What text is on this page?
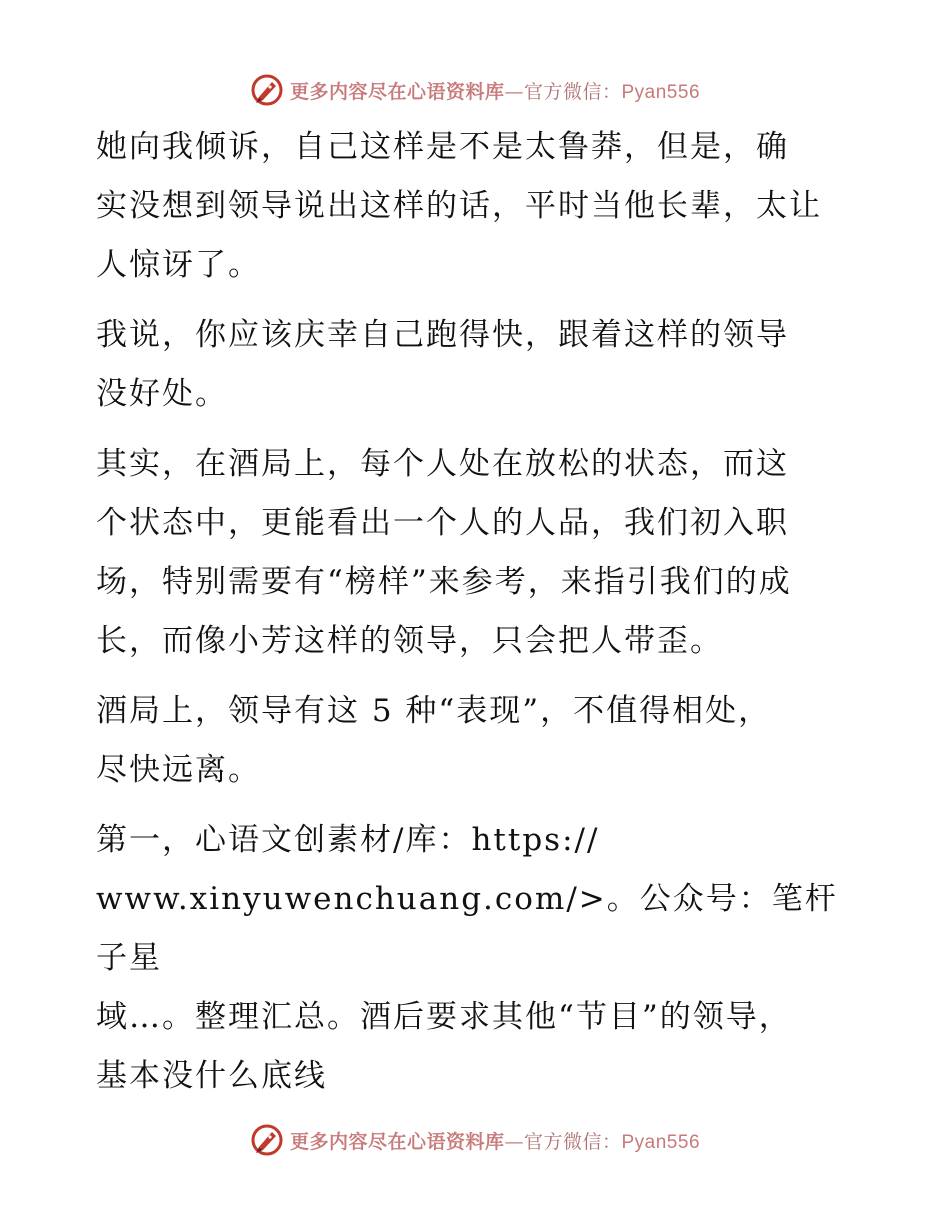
更多内容尽在心语资料库—官方微信：Pyan556

她向我倾诉，自己这样是不是太鲁莽，但是，确
实没想到领导说出这样的话，平时当他长辈，太让
人惊讶了。

我说，你应该庆幸自己跑得快，跟着这样的领导
没好处。

其实，在酒局上，每个人处在放松的状态，而这
个状态中，更能看出一个人的人品，我们初入职
场，特别需要有“榜样”来参考，来指引我们的成
长，而像小芳这样的领导，只会把人带歪。

酒局上，领导有这 5 种“表现”，不值得相处，
尽快远离。

第一，心语文创素材/库：https://
www.xinyuwenchuang.com/>。公众号：笔杆子星
域…。整理汇总。酒后要求其他“节目”的领导，
基本没什么底线

更多内容尽在心语资料库—官方微信：Pyan556
